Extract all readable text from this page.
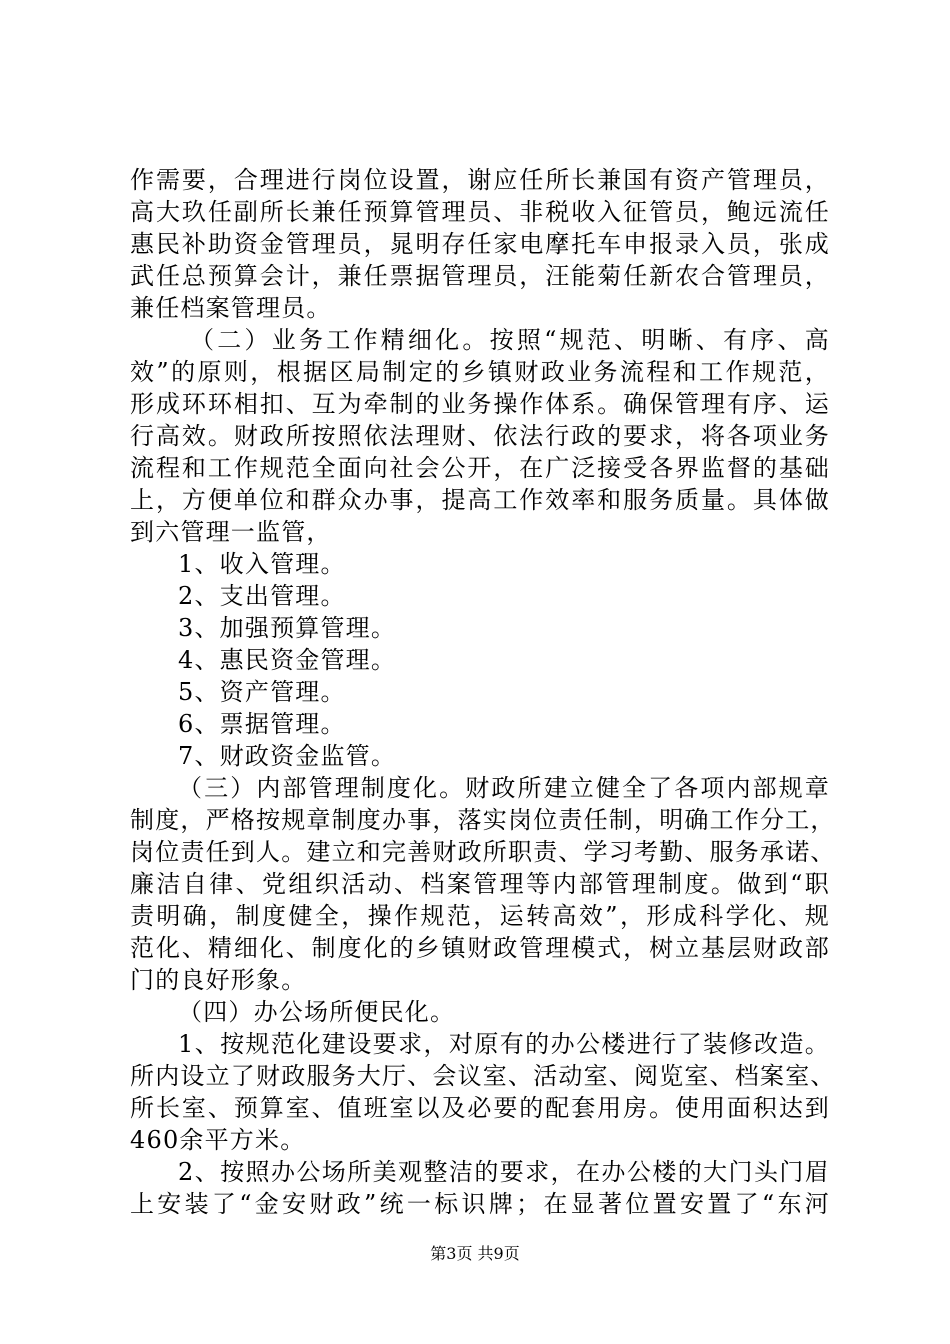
作需要，合理进行岗位设置，谢应任所长兼国有资产管理员，
高大玖任副所长兼任预算管理员、非税收入征管员，鲍远流任
惠民补助资金管理员，晁明存任家电摩托车申报录入员，张成
武任总预算会计，兼任票据管理员，汪能菊任新农合管理员，
兼任档案管理员。
（二）业务工作精细化。按照“规范、明晰、有序、高
效”的原则，根据区局制定的乡镇财政业务流程和工作规范，
形成环环相扣、互为牵制的业务操作体系。确保管理有序、运
行高效。财政所按照依法理财、依法行政的要求，将各项业务
流程和工作规范全面向社会公开，在广泛接受各界监督的基础
上，方便单位和群众办事，提高工作效率和服务质量。具体做
到六管理一监管，
1、收入管理。
2、支出管理。
3、加强预算管理。
4、惠民资金管理。
5、资产管理。
6、票据管理。
7、财政资金监管。
（三）内部管理制度化。财政所建立健全了各项内部规章
制度，严格按规章制度办事，落实岗位责任制，明确工作分工，
岗位责任到人。建立和完善财政所职责、学习考勤、服务承诺、
廉洁自律、党组织活动、档案管理等内部管理制度。做到“职
责明确，制度健全，操作规范，运转高效”，形成科学化、规
范化、精细化、制度化的乡镇财政管理模式，树立基层财政部
门的良好形象。
（四）办公场所便民化。
1、按规范化建设要求，对原有的办公楼进行了装修改造。
所内设立了财政服务大厅、会议室、活动室、阅览室、档案室、
所长室、预算室、值班室以及必要的配套用房。使用面积达到
460余平方米。
2、按照办公场所美观整洁的要求，在办公楼的大门头门眉
上安装了“金安财政”统一标识牌；在显著位置安置了“东河
第3页 共9页
